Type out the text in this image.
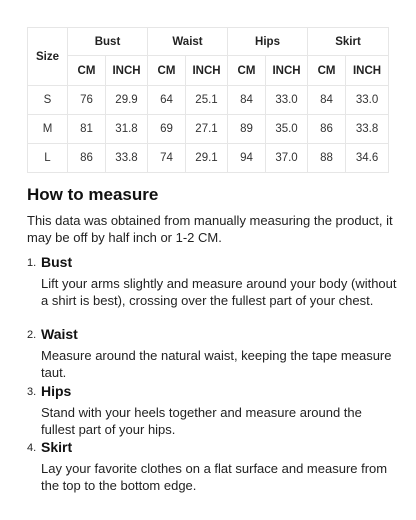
Size	Bust		Waist		Hips		Skirt	
	CM	INCH	CM	INCH	CM	INCH	CM	INCH
S	76	29.9	64	25.1	84	33.0	84	33.0
M	81	31.8	69	27.1	89	35.0	86	33.8
L	86	33.8	74	29.1	94	37.0	88	34.6
How to measure
This data was obtained from manually measuring the product, it may be off by half inch or 1-2 CM.
1. Bust
Lift your arms slightly and measure around your body (without a shirt is best), crossing over the fullest part of your chest.
2. Waist
Measure around the natural waist, keeping the tape measure taut.
3. Hips
Stand with your heels together and measure around the fullest part of your hips.
4. Skirt
Lay your favorite clothes on a flat surface and measure from the top to the bottom edge.
